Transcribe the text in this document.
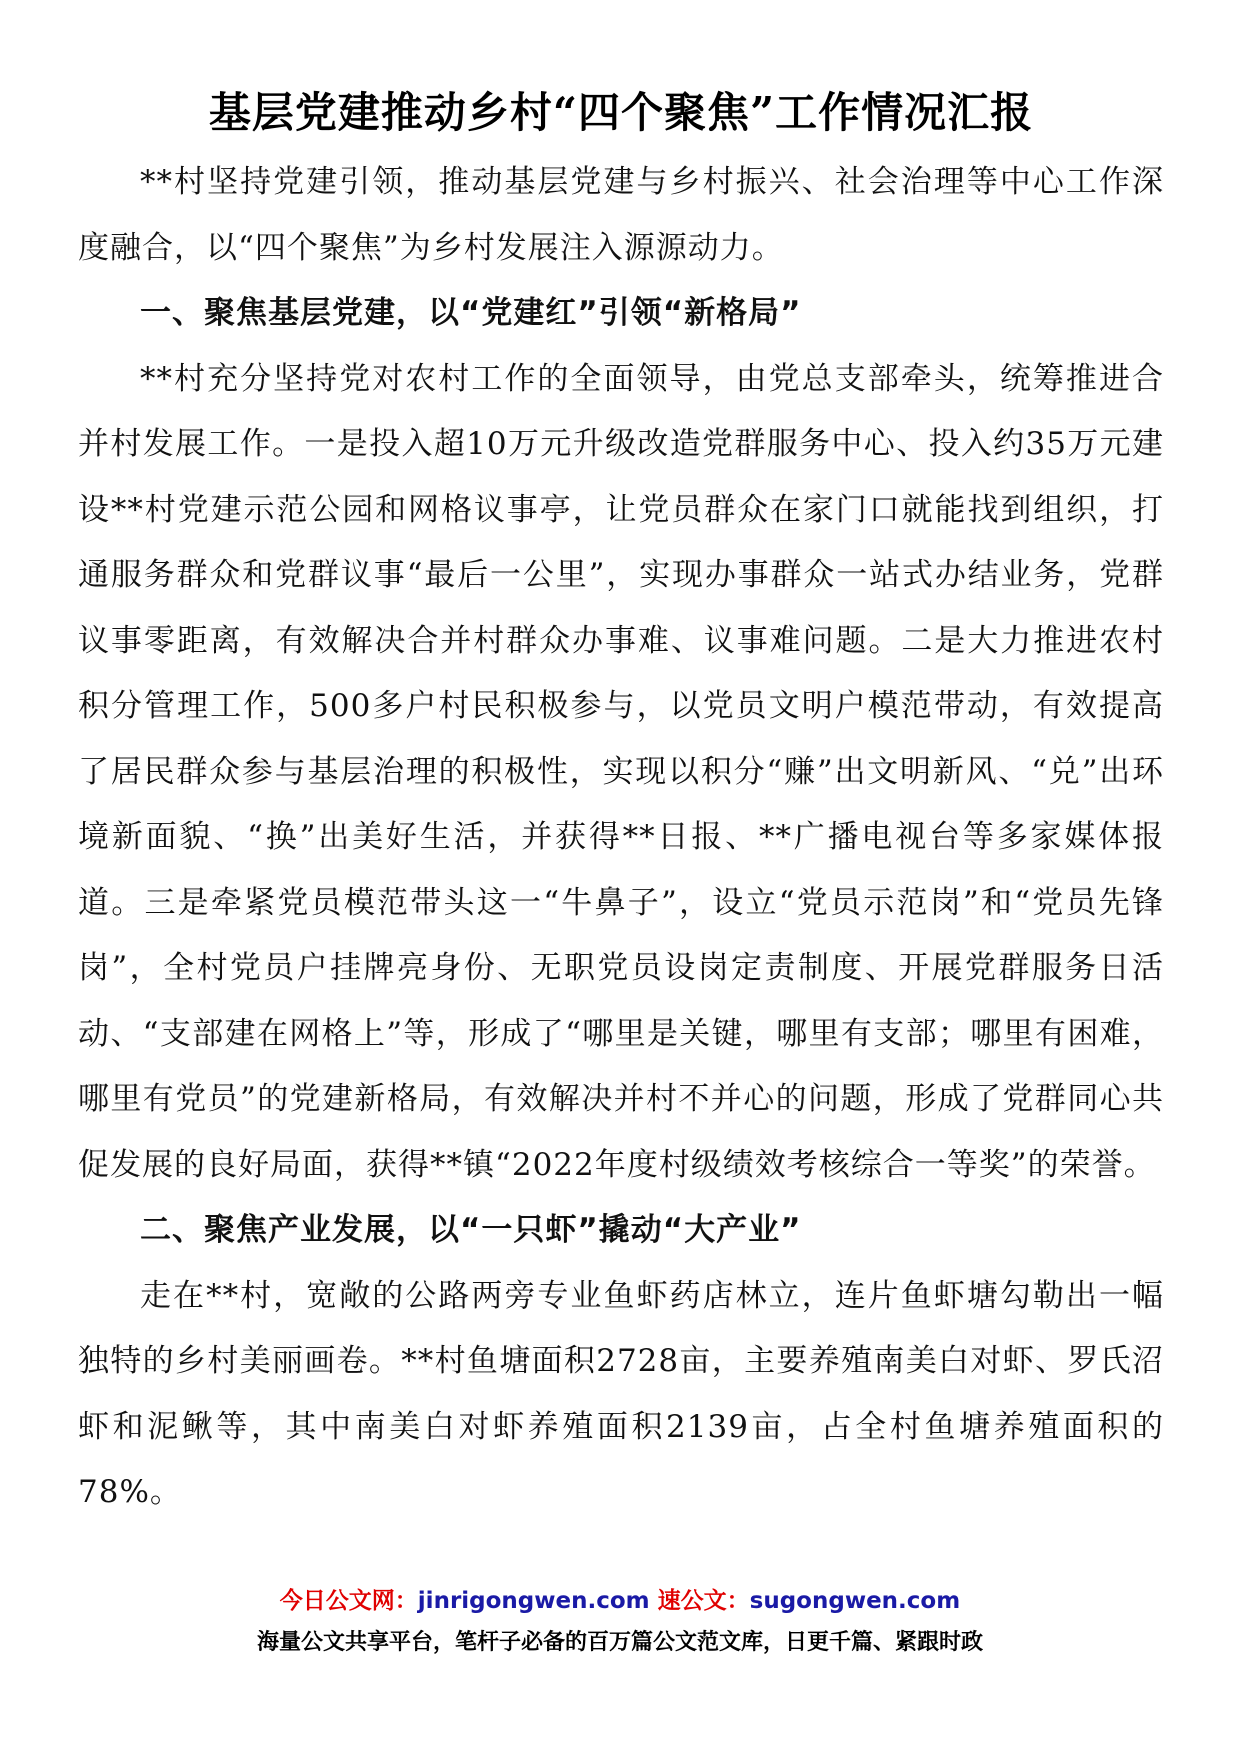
基层党建推动乡村“四个聚焦”工作情况汇报

**村坚持党建引领，推动基层党建与乡村振兴、社会治理等中心工作深度融合，以“四个聚焦”为乡村发展注入源源动力。

一、聚焦基层党建，以“党建红”引领“新格局”

**村充分坚持党对农村工作的全面领导，由党总支部牵头，统筹推进合并村发展工作。一是投入超10万元升级改造党群服务中心、投入约35万元建设**村党建示范公园和网格议事亭，让党员群众在家门口就能找到组织，打通服务群众和党群议事“最后一公里”，实现办事群众一站式办结业务，党群议事零距离，有效解决合并村群众办事难、议事难问题。二是大力推进农村积分管理工作，500多户村民积极参与，以党员文明户模范带动，有效提高了居民群众参与基层治理的积极性，实现以积分“赚”出文明新风、“兑”出环境新面貌、“换”出美好生活，并获得**日报、**广播电视台等多家媒体报道。三是牵紧党员模范带头这一“牛鼻子”，设立“党员示范岗”和“党员先锋岗”，全村党员户挂牌亮身份、无职党员设岗定责制度、开展党群服务日活动、“支部建在网格上”等，形成了“哪里是关键，哪里有支部；哪里有困难，哪里有党员”的党建新格局，有效解决并村不并心的问题，形成了党群同心共促发展的良好局面，获得**镇“2022年度村级绩效考核综合一等奖”的荣誉。

二、聚焦产业发展，以“一只虾”撬动“大产业”

走在**村，宽敞的公路两旁专业鱼虾药店林立，连片鱼虾塘勾勒出一幅独特的乡村美丽画卷。**村鱼塘面积2728亩，主要养殖南美白对虾、罗氏沼虾和泥鳅等，其中南美白对虾养殖面积2139亩，占全村鱼塘养殖面积的78%。

今日公文网：jinrigongwen.com 速公文：sugongwen.com
海量公文共享平台，笔杆子必备的百万篇公文范文库，日更千篇、紧跟时政
